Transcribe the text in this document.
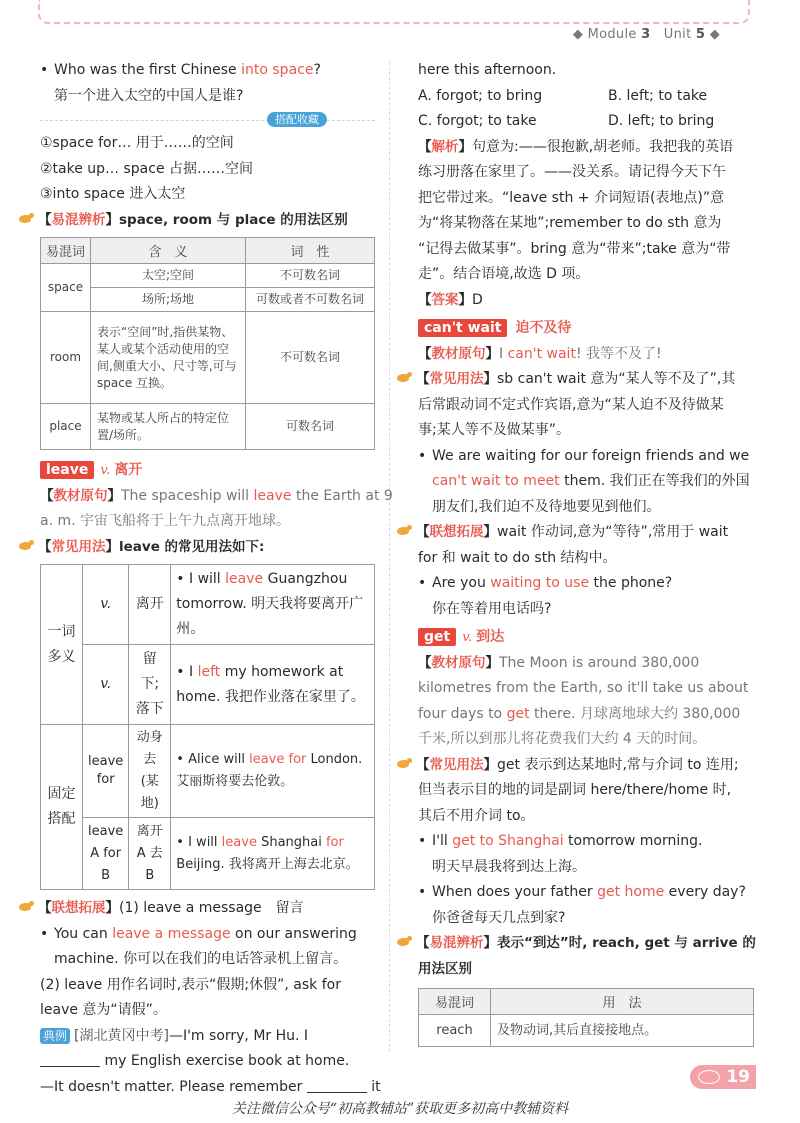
◆ Module 3 Unit 5 ◆
• Who was the first Chinese into space?
第一个进入太空的中国人是谁?
搭配收藏
①space for… 用于……的空间
②take up… space 占据……空间
③into space 进入太空
【易混辨析】space, room 与 place 的用法区别
易混词	含　义	词　性
space	太空;空间	不可数名词
	场所;场地	可数或者不可数名词
room	表示“空间”时,指供某物、某人或某个活动使用的空间,侧重大小、尺寸等,可与space 互换。	不可数名词
place	某物或某人所占的特定位置/场所。	可数名词
leave v. 离开
【教材原句】The spaceship will leave the Earth at 9
a. m. 宇宙飞船将于上午九点离开地球。
【常见用法】leave 的常见用法如下:
一词多义	v.	离开	• I will leave Guangzhou tomorrow. 明天我将要离开广州。
	v.	留下;落下	• I left my homework at home. 我把作业落在家里了。
固定搭配	leave for	动身去(某地)	• Alice will leave for London. 艾丽斯将要去伦敦。
	leave A for B	离开 A 去 B	• I will leave Shanghai for Beijing. 我将离开上海去北京。
【联想拓展】(1) leave a message　留言
• You can leave a message on our answering
machine. 你可以在我们的电话答录机上留言。
(2) leave 用作名词时,表示“假期;休假”, ask for
leave 意为“请假”。
典例 [湖北黄冈中考]—I'm sorry, Mr Hu. I
my English exercise book at home.
—It doesn't matter. Please remember	it
here this afternoon.
A. forgot; to bring	B. left; to take
C. forgot; to take	D. left; to bring
【解析】句意为:——很抱歉,胡老师。我把我的英语
练习册落在家里了。——没关系。请记得今天下午
把它带过来。“leave sth + 介词短语(表地点)”意
为“将某物落在某地”;remember to do sth 意为
“记得去做某事”。bring 意为“带来”;take 意为“带
走”。结合语境,故选 D 项。
【答案】D
can't wait 迫不及待
【教材原句】I can't wait! 我等不及了!
【常见用法】sb can't wait 意为“某人等不及了”,其
后常跟动词不定式作宾语,意为“某人迫不及待做某
事;某人等不及做某事”。
• We are waiting for our foreign friends and we
can't wait to meet them. 我们正在等我们的外国
朋友们,我们迫不及待地要见到他们。
【联想拓展】wait 作动词,意为“等待”,常用于 wait
for 和 wait to do sth 结构中。
• Are you waiting to use the phone?
你在等着用电话吗?
get v. 到达
【教材原句】The Moon is around 380,000
kilometres from the Earth, so it'll take us about
four days to get there. 月球离地球大约 380,000
千米,所以到那儿将花费我们大约 4 天的时间。
【常见用法】get 表示到达某地时,常与介词 to 连用;
但当表示目的地的词是副词 here/there/home 时,
其后不用介词 to。
• I'll get to Shanghai tomorrow morning.
明天早晨我将到达上海。
• When does your father get home every day?
你爸爸每天几点到家?
【易混辨析】表示“到达”时, reach, get 与 arrive 的
用法区别
易混词	用　法
reach	及物动词,其后直接接地点。
19
关注微信公众号“初高教辅站”获取更多初高中教辅资料
